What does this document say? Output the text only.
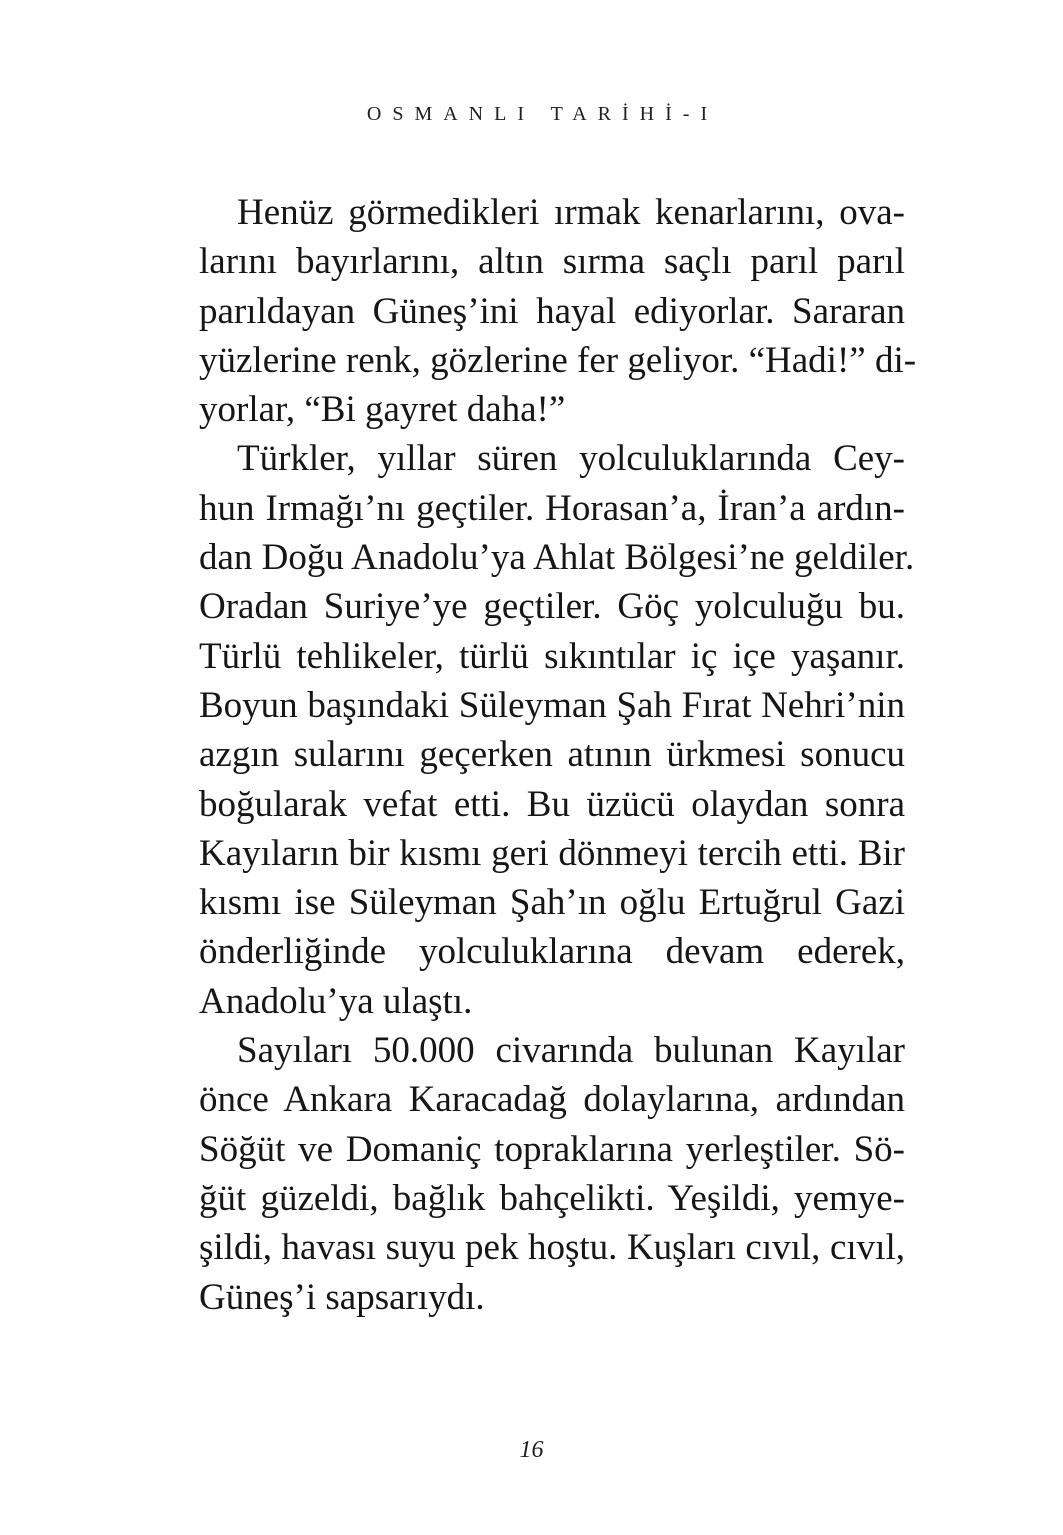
OSMANLI TARİHİ-I
Henüz görmedikleri ırmak kenarlarını, ova-
larını bayırlarını, altın sırma saçlı parıl parıl
parıldayan Güneş’ini hayal ediyorlar. Sararan
yüzlerine renk, gözlerine fer geliyor. “Hadi!” di-
yorlar, “Bi gayret daha!”
Türkler, yıllar süren yolculuklarında Cey-
hun Irmağı’nı geçtiler. Horasan’a, İran’a ardın-
dan Doğu Anadolu’ya Ahlat Bölgesi’ne geldiler.
Oradan Suriye’ye geçtiler. Göç yolculuğu bu.
Türlü tehlikeler, türlü sıkıntılar iç içe yaşanır.
Boyun başındaki Süleyman Şah Fırat Nehri’nin
azgın sularını geçerken atının ürkmesi sonucu
boğularak vefat etti. Bu üzücü olaydan sonra
Kayıların bir kısmı geri dönmeyi tercih etti. Bir
kısmı ise Süleyman Şah’ın oğlu Ertuğrul Gazi
önderliğinde yolculuklarına devam ederek,
Anadolu’ya ulaştı.
Sayıları 50.000 civarında bulunan Kayılar
önce Ankara Karacadağ dolaylarına, ardından
Söğüt ve Domaniç topraklarına yerleştiler. Sö-
ğüt güzeldi, bağlık bahçelikti. Yeşildi, yemye-
şildi, havası suyu pek hoştu. Kuşları cıvıl, cıvıl,
Güneş’i sapsarıydı.
16
